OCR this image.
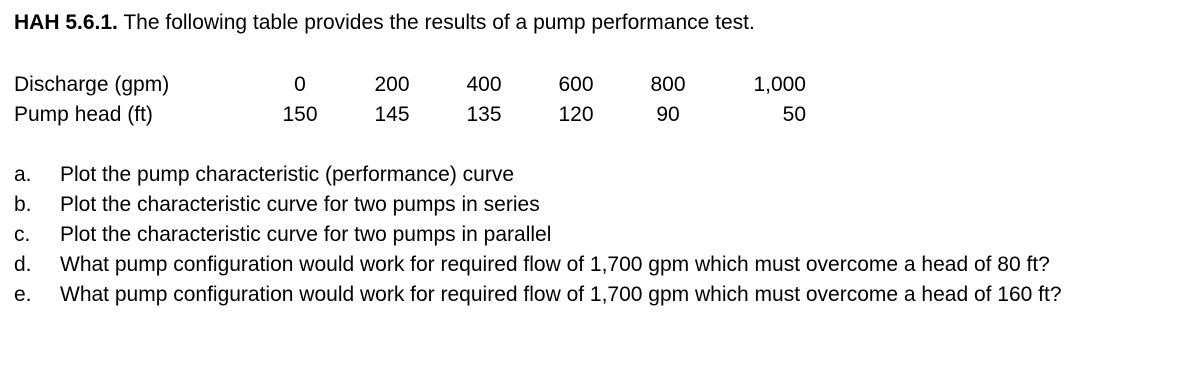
HAH 5.6.1. The following table provides the results of a pump performance test.
Discharge (gpm)	0	200	400	600	800	1,000
Pump head (ft)	150	145	135	120	90	50
a.	Plot the pump characteristic (performance) curve
b.	Plot the characteristic curve for two pumps in series
c.	Plot the characteristic curve for two pumps in parallel
d.	What pump configuration would work for required flow of 1,700 gpm which must overcome a head of 80 ft?
e.	What pump configuration would work for required flow of 1,700 gpm which must overcome a head of 160 ft?
